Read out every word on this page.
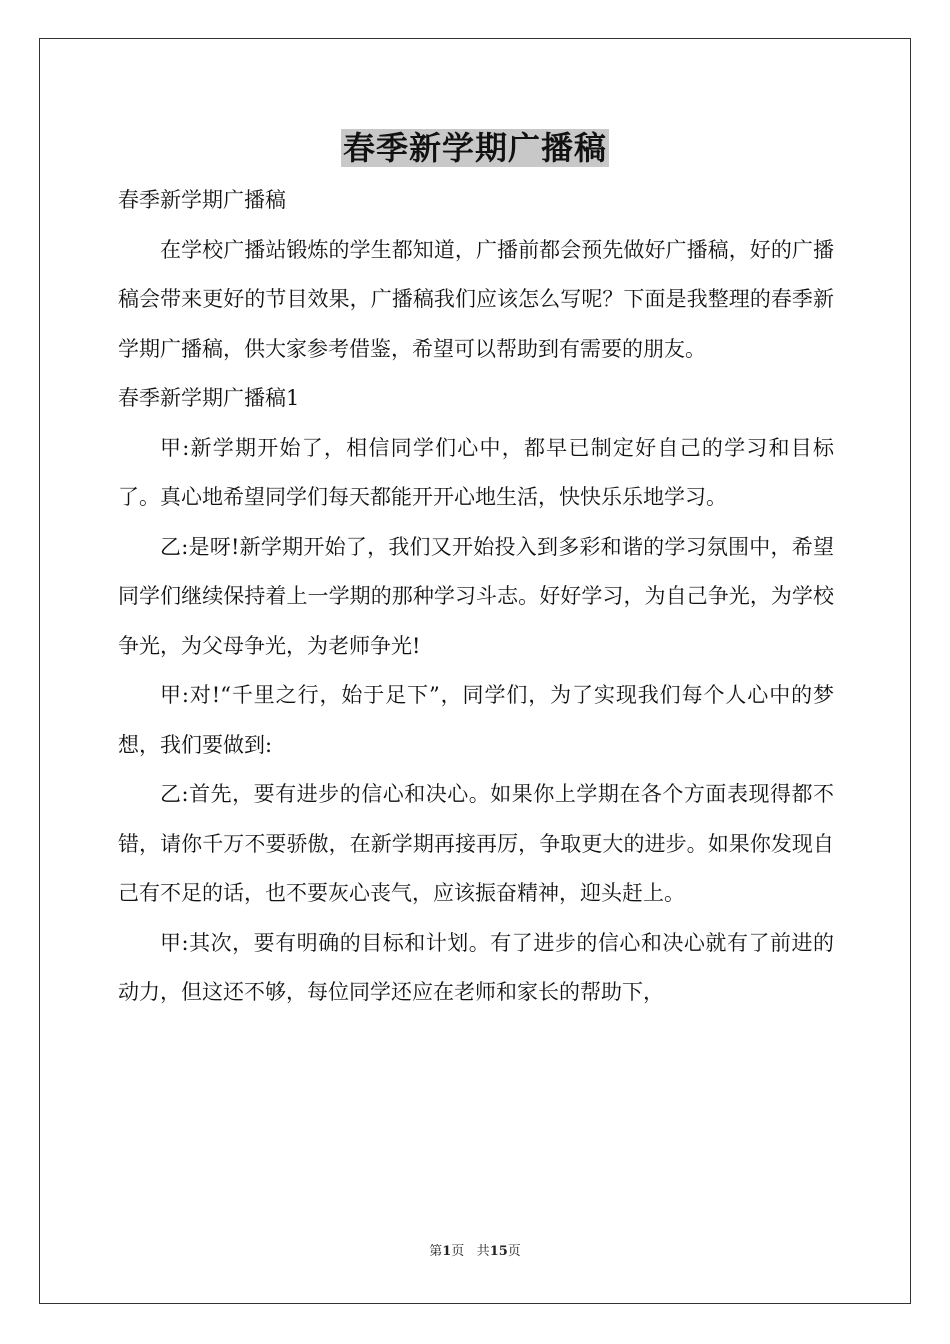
春季新学期广播稿

春季新学期广播稿

在学校广播站锻炼的学生都知道，广播前都会预先做好广播稿，好的广播稿会带来更好的节目效果，广播稿我们应该怎么写呢？下面是我整理的春季新学期广播稿，供大家参考借鉴，希望可以帮助到有需要的朋友。

春季新学期广播稿1

甲:新学期开始了，相信同学们心中，都早已制定好自己的学习和目标了。真心地希望同学们每天都能开开心地生活，快快乐乐地学习。

乙:是呀!新学期开始了，我们又开始投入到多彩和谐的学习氛围中，希望同学们继续保持着上一学期的那种学习斗志。好好学习，为自己争光，为学校争光，为父母争光，为老师争光!

甲:对!“千里之行，始于足下”，同学们，为了实现我们每个人心中的梦想，我们要做到:

乙:首先，要有进步的信心和决心。如果你上学期在各个方面表现得都不错，请你千万不要骄傲，在新学期再接再厉，争取更大的进步。如果你发现自己有不足的话，也不要灰心丧气，应该振奋精神，迎头赶上。

甲:其次，要有明确的目标和计划。有了进步的信心和决心就有了前进的动力，但这还不够，每位同学还应在老师和家长的帮助下，

第1页 共15页
